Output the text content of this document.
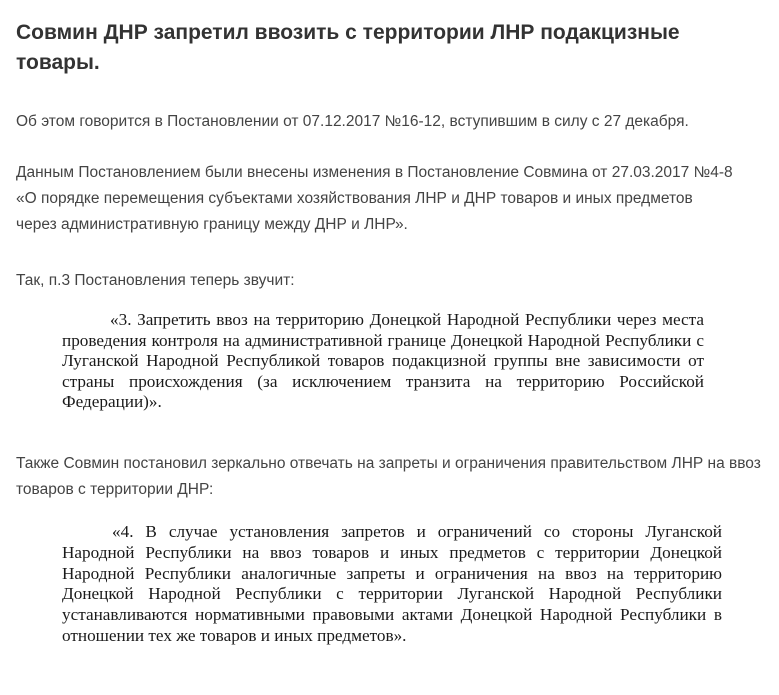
Совмин ДНР запретил ввозить с территории ЛНР подакцизные товары.

Об этом говорится в Постановлении от 07.12.2017 №16-12, вступившим в силу с 27 декабря.

Данным Постановлением были внесены изменения в Постановление Совмина от 27.03.2017 №4-8 «О порядке перемещения субъектами хозяйствования ЛНР и ДНР товаров и иных предметов через административную границу между ДНР и ЛНР».

Так, п.3 Постановления теперь звучит:

«3. Запретить ввоз на территорию Донецкой Народной Республики через места проведения контроля на административной границе Донецкой Народной Республики с Луганской Народной Республикой товаров подакцизной группы вне зависимости от страны происхождения (за исключением транзита на территорию Российской Федерации)».

Также Совмин постановил зеркально отвечать на запреты и ограничения правительством ЛНР на ввоз товаров с территории ДНР:

«4. В случае установления запретов и ограничений со стороны Луганской Народной Республики на ввоз товаров и иных предметов с территории Донецкой Народной Республики аналогичные запреты и ограничения на ввоз на территорию Донецкой Народной Республики с территории Луганской Народной Республики устанавливаются нормативными правовыми актами Донецкой Народной Республики в отношении тех же товаров и иных предметов».
